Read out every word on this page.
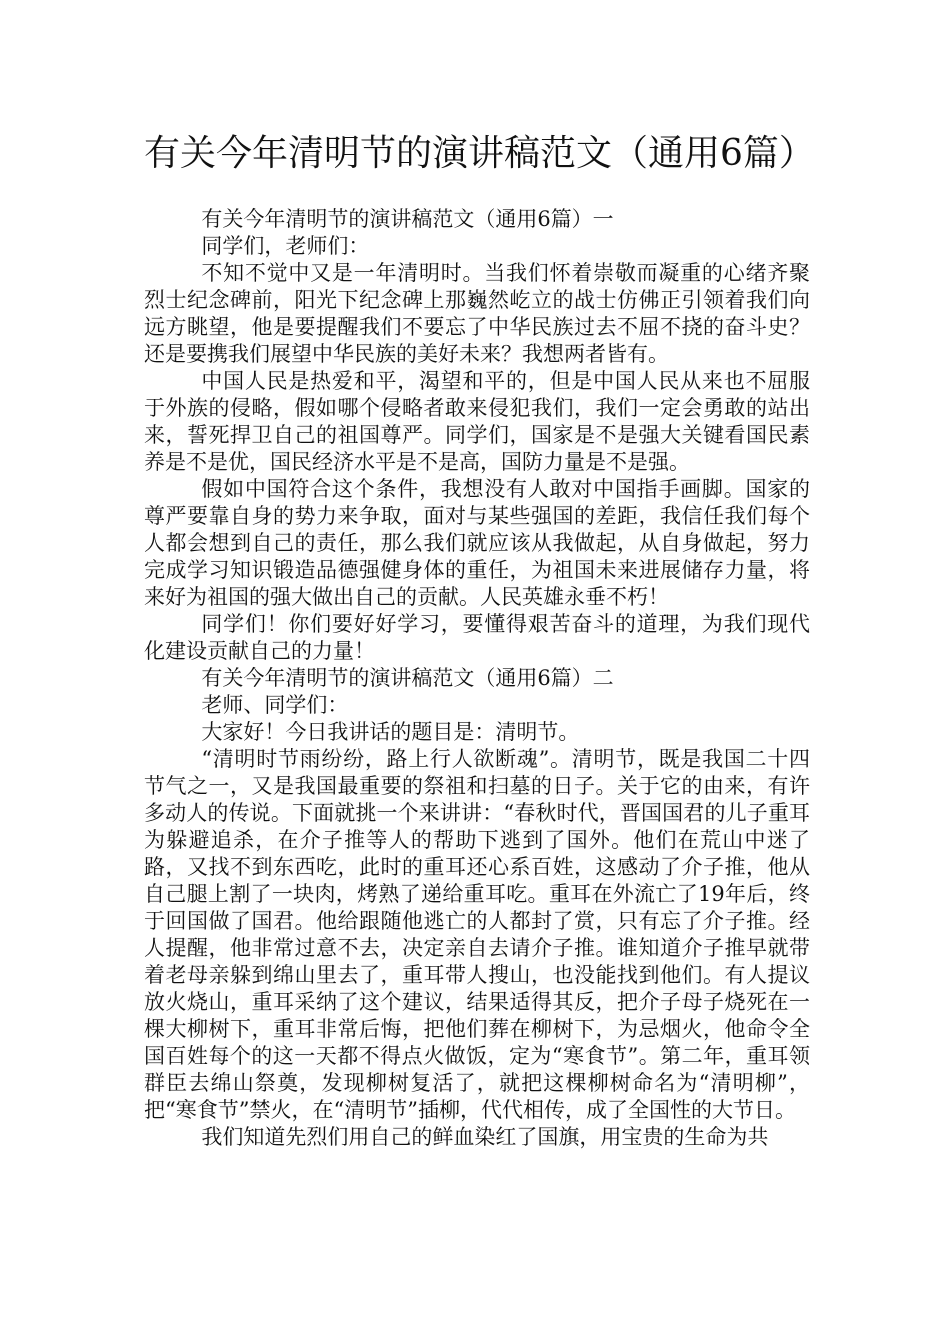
有关今年清明节的演讲稿范文（通用6篇）

有关今年清明节的演讲稿范文（通用6篇）一

同学们，老师们：

不知不觉中又是一年清明时。当我们怀着崇敬而凝重的心绪齐聚烈士纪念碑前，阳光下纪念碑上那巍然屹立的战士仿佛正引领着我们向远方眺望，他是要提醒我们不要忘了中华民族过去不屈不挠的奋斗史？还是要携我们展望中华民族的美好未来？我想两者皆有。

中国人民是热爱和平，渴望和平的，但是中国人民从来也不屈服于外族的侵略，假如哪个侵略者敢来侵犯我们，我们一定会勇敢的站出来，誓死捍卫自己的祖国尊严。同学们，国家是不是强大关键看国民素养是不是优，国民经济水平是不是高，国防力量是不是强。

假如中国符合这个条件，我想没有人敢对中国指手画脚。国家的尊严要靠自身的势力来争取，面对与某些强国的差距，我信任我们每个人都会想到自己的责任，那么我们就应该从我做起，从自身做起，努力完成学习知识锻造品德强健身体的重任，为祖国未来进展储存力量，将来好为祖国的强大做出自己的贡献。人民英雄永垂不朽！

同学们！你们要好好学习，要懂得艰苦奋斗的道理，为我们现代化建设贡献自己的力量！

有关今年清明节的演讲稿范文（通用6篇）二

老师、同学们：

大家好！今日我讲话的题目是：清明节。

“清明时节雨纷纷，路上行人欲断魂”。清明节，既是我国二十四节气之一，又是我国最重要的祭祖和扫墓的日子。关于它的由来，有许多动人的传说。下面就挑一个来讲讲：“春秋时代，晋国国君的儿子重耳为躲避追杀，在介子推等人的帮助下逃到了国外。他们在荒山中迷了路，又找不到东西吃，此时的重耳还心系百姓，这感动了介子推，他从自己腿上割了一块肉，烤熟了递给重耳吃。重耳在外流亡了19年后，终于回国做了国君。他给跟随他逃亡的人都封了赏，只有忘了介子推。经人提醒，他非常过意不去，决定亲自去请介子推。谁知道介子推早就带着老母亲躲到绵山里去了，重耳带人搜山，也没能找到他们。有人提议放火烧山，重耳采纳了这个建议，结果适得其反，把介子母子烧死在一棵大柳树下，重耳非常后悔，把他们葬在柳树下，为忌烟火，他命令全国百姓每个的这一天都不得点火做饭，定为“寒食节”。第二年，重耳领群臣去绵山祭奠，发现柳树复活了，就把这棵柳树命名为“清明柳”，把“寒食节”禁火，在“清明节”插柳，代代相传，成了全国性的大节日。

我们知道先烈们用自己的鲜血染红了国旗，用宝贵的生命为共
